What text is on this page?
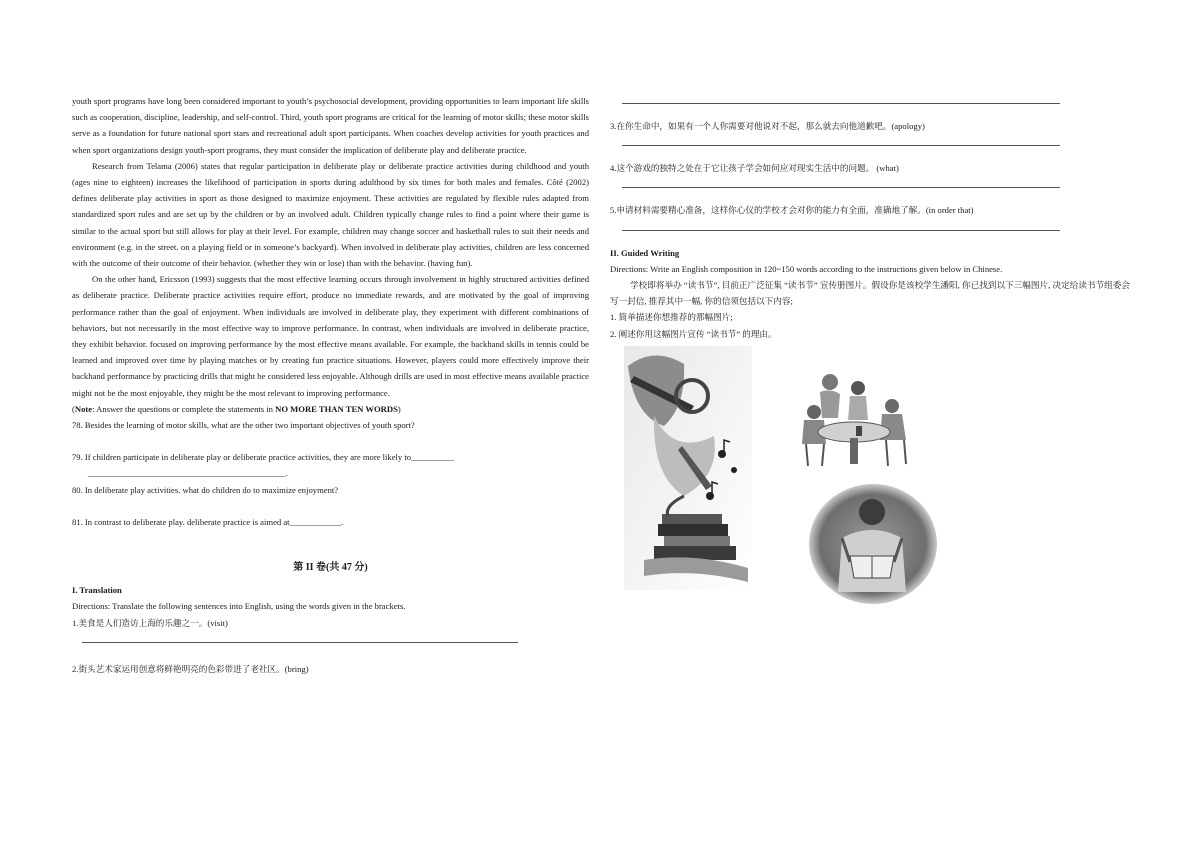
youth sport programs have long been considered important to youth’s psychosocial development, providing opportunities to learn important life skills such as cooperation, discipline, leadership, and self-control. Third, youth sport programs are critical for the learning of motor skills; these motor skills serve as a foundation for future national sport stars and recreational adult sport participants. When coaches develop activities for youth practices and when sport organizations design youth-sport programs, they must consider the implication of deliberate play and deliberate practice.

Research from Telama (2006) states that regular participation in deliberate play or deliberate practice activities during childhood and youth (ages nine to eighteen) increases the likelihood of participation in sports during adulthood by six times for both males and females. Côté (2002) defines deliberate play activities in sport as those designed to maximize enjoyment. These activities are regulated by flexible rules adapted from standardized sport rules and are set up by the children or by an involved adult. Children typically change rules to find a point where their game is similar to the actual sport but still allows for play at their level. For example, children may change soccer and basketball rules to suit their needs and environment (e.g. in the street. on a playing field or in someone’s backyard). When involved in deliberate play activities, children are less concerned with the outcome of their outcome of their behavior. (whether they win or lose) than with the behavior. (having fun).

On the other hand, Ericsson (1993) suggests that the most effective learning occurs through involvement in highly structured activities defined as deliberate practice. Deliberate practice activities require effort, produce no immediate rewards, and are motivated by the goal of improving performance rather than the goal of enjoyment. When individuals are involved in deliberate play, they experiment with different combinations of behaviors, but not necessarily in the most effective way to improve performance. In contrast, when individuals are involved in deliberate practice, they exhibit behavior. focused on improving performance by the most effective means available. For example, the backhand skills in tennis could be learned and improved over time by playing matches or by creating fun practice situations. However, players could more effectively improve their backhand performance by practicing drills that might be considered less enjoyable. Although drills are used in most effective means available practice might not be the most enjoyable, they might be the most relevant to improving performance.

(Note: Answer the questions or complete the statements in NO MORE THAN TEN WORDS)

78. Besides the learning of motor skills, what are the other two important objectives of youth sport?

79. If children participate in deliberate play or deliberate practice activities, they are more likely to__________

______________________________________________.

80. In deliberate play activities. what do children do to maximize enjoyment?

81. In contrast to deliberate play. deliberate practice is aimed at____________.

第 II 卷(共 47 分)

I. Translation

Directions: Translate the following sentences into English, using the words given in the brackets.

1.美食是人们造访上海的乐趣之一。(visit)

2.街头艺术家运用创意将鲜艳明亮的色彩带进了老社区。(bring)

3.在你生命中，如果有一个人你需要对他说对不起，那么就去向他道歉吧。(apology)

4.这个游戏的独特之处在于它让孩子学会如何应对现实生活中的问题。 (what)

5.申请材料需要精心准备，这样你心仪的学校才会对你的能力有全面，准确地了解。(in order that)

II. Guided Writing

Directions: Write an English composition in 120~150 words according to the instructions given below in Chinese.

学校即将举办 “读书节”, 目前正广泛征集 “读书节” 宣传册图片。假设你是该校学生潘阳, 你已找到以下三幅图片, 决定给读书节组委会写一封信, 推荐其中一幅, 你的信须包括以下内容;

1. 简单描述你想推荐的那幅图片;

2. 阐述你用这幅图片宣传 “读书节” 的理由。
